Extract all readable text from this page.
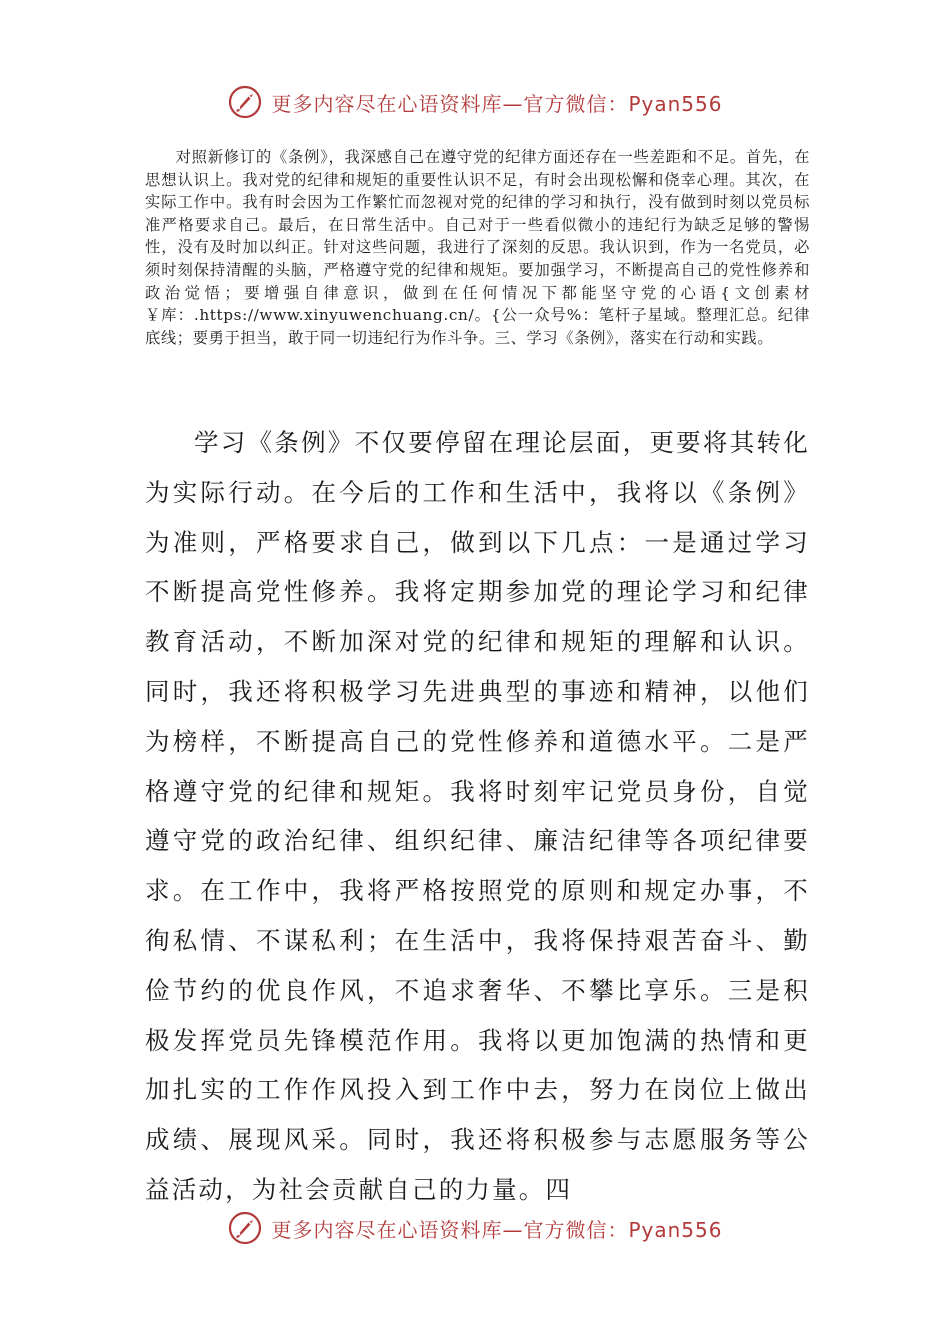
更多内容尽在心语资料库—官方微信：Pyan556

对照新修订的《条例》，我深感自己在遵守党的纪律方面还存在一些差距和不足。首先，在思想认识上。我对党的纪律和规矩的重要性认识不足，有时会出现松懈和侥幸心理。其次，在实际工作中。我有时会因为工作繁忙而忽视对党的纪律的学习和执行，没有做到时刻以党员标准严格要求自己。最后，在日常生活中。自己对于一些看似微小的违纪行为缺乏足够的警惕性，没有及时加以纠正。针对这些问题，我进行了深刻的反思。我认识到，作为一名党员，必须时刻保持清醒的头脑，严格遵守党的纪律和规矩。要加强学习，不断提高自己的党性修养和政治觉悟；要增强自律意识，做到在任何情况下都能坚守党的心语{文创素材￥库：.https://www.xinyuwenchuang.cn/。{公一众号%：笔杆子星域。整理汇总。纪律底线；要勇于担当，敢于同一切违纪行为作斗争。三、学习《条例》，落实在行动和实践。

学习《条例》不仅要停留在理论层面，更要将其转化为实际行动。在今后的工作和生活中，我将以《条例》为准则，严格要求自己，做到以下几点：一是通过学习不断提高党性修养。我将定期参加党的理论学习和纪律教育活动，不断加深对党的纪律和规矩的理解和认识。同时，我还将积极学习先进典型的事迹和精神，以他们为榜样，不断提高自己的党性修养和道德水平。二是严格遵守党的纪律和规矩。我将时刻牢记党员身份，自觉遵守党的政治纪律、组织纪律、廉洁纪律等各项纪律要求。在工作中，我将严格按照党的原则和规定办事，不徇私情、不谋私利；在生活中，我将保持艰苦奋斗、勤俭节约的优良作风，不追求奢华、不攀比享乐。三是积极发挥党员先锋模范作用。我将以更加饱满的热情和更加扎实的工作作风投入到工作中去，努力在岗位上做出成绩、展现风采。同时，我还将积极参与志愿服务等公益活动，为社会贡献自己的力量。四

更多内容尽在心语资料库—官方微信：Pyan556
